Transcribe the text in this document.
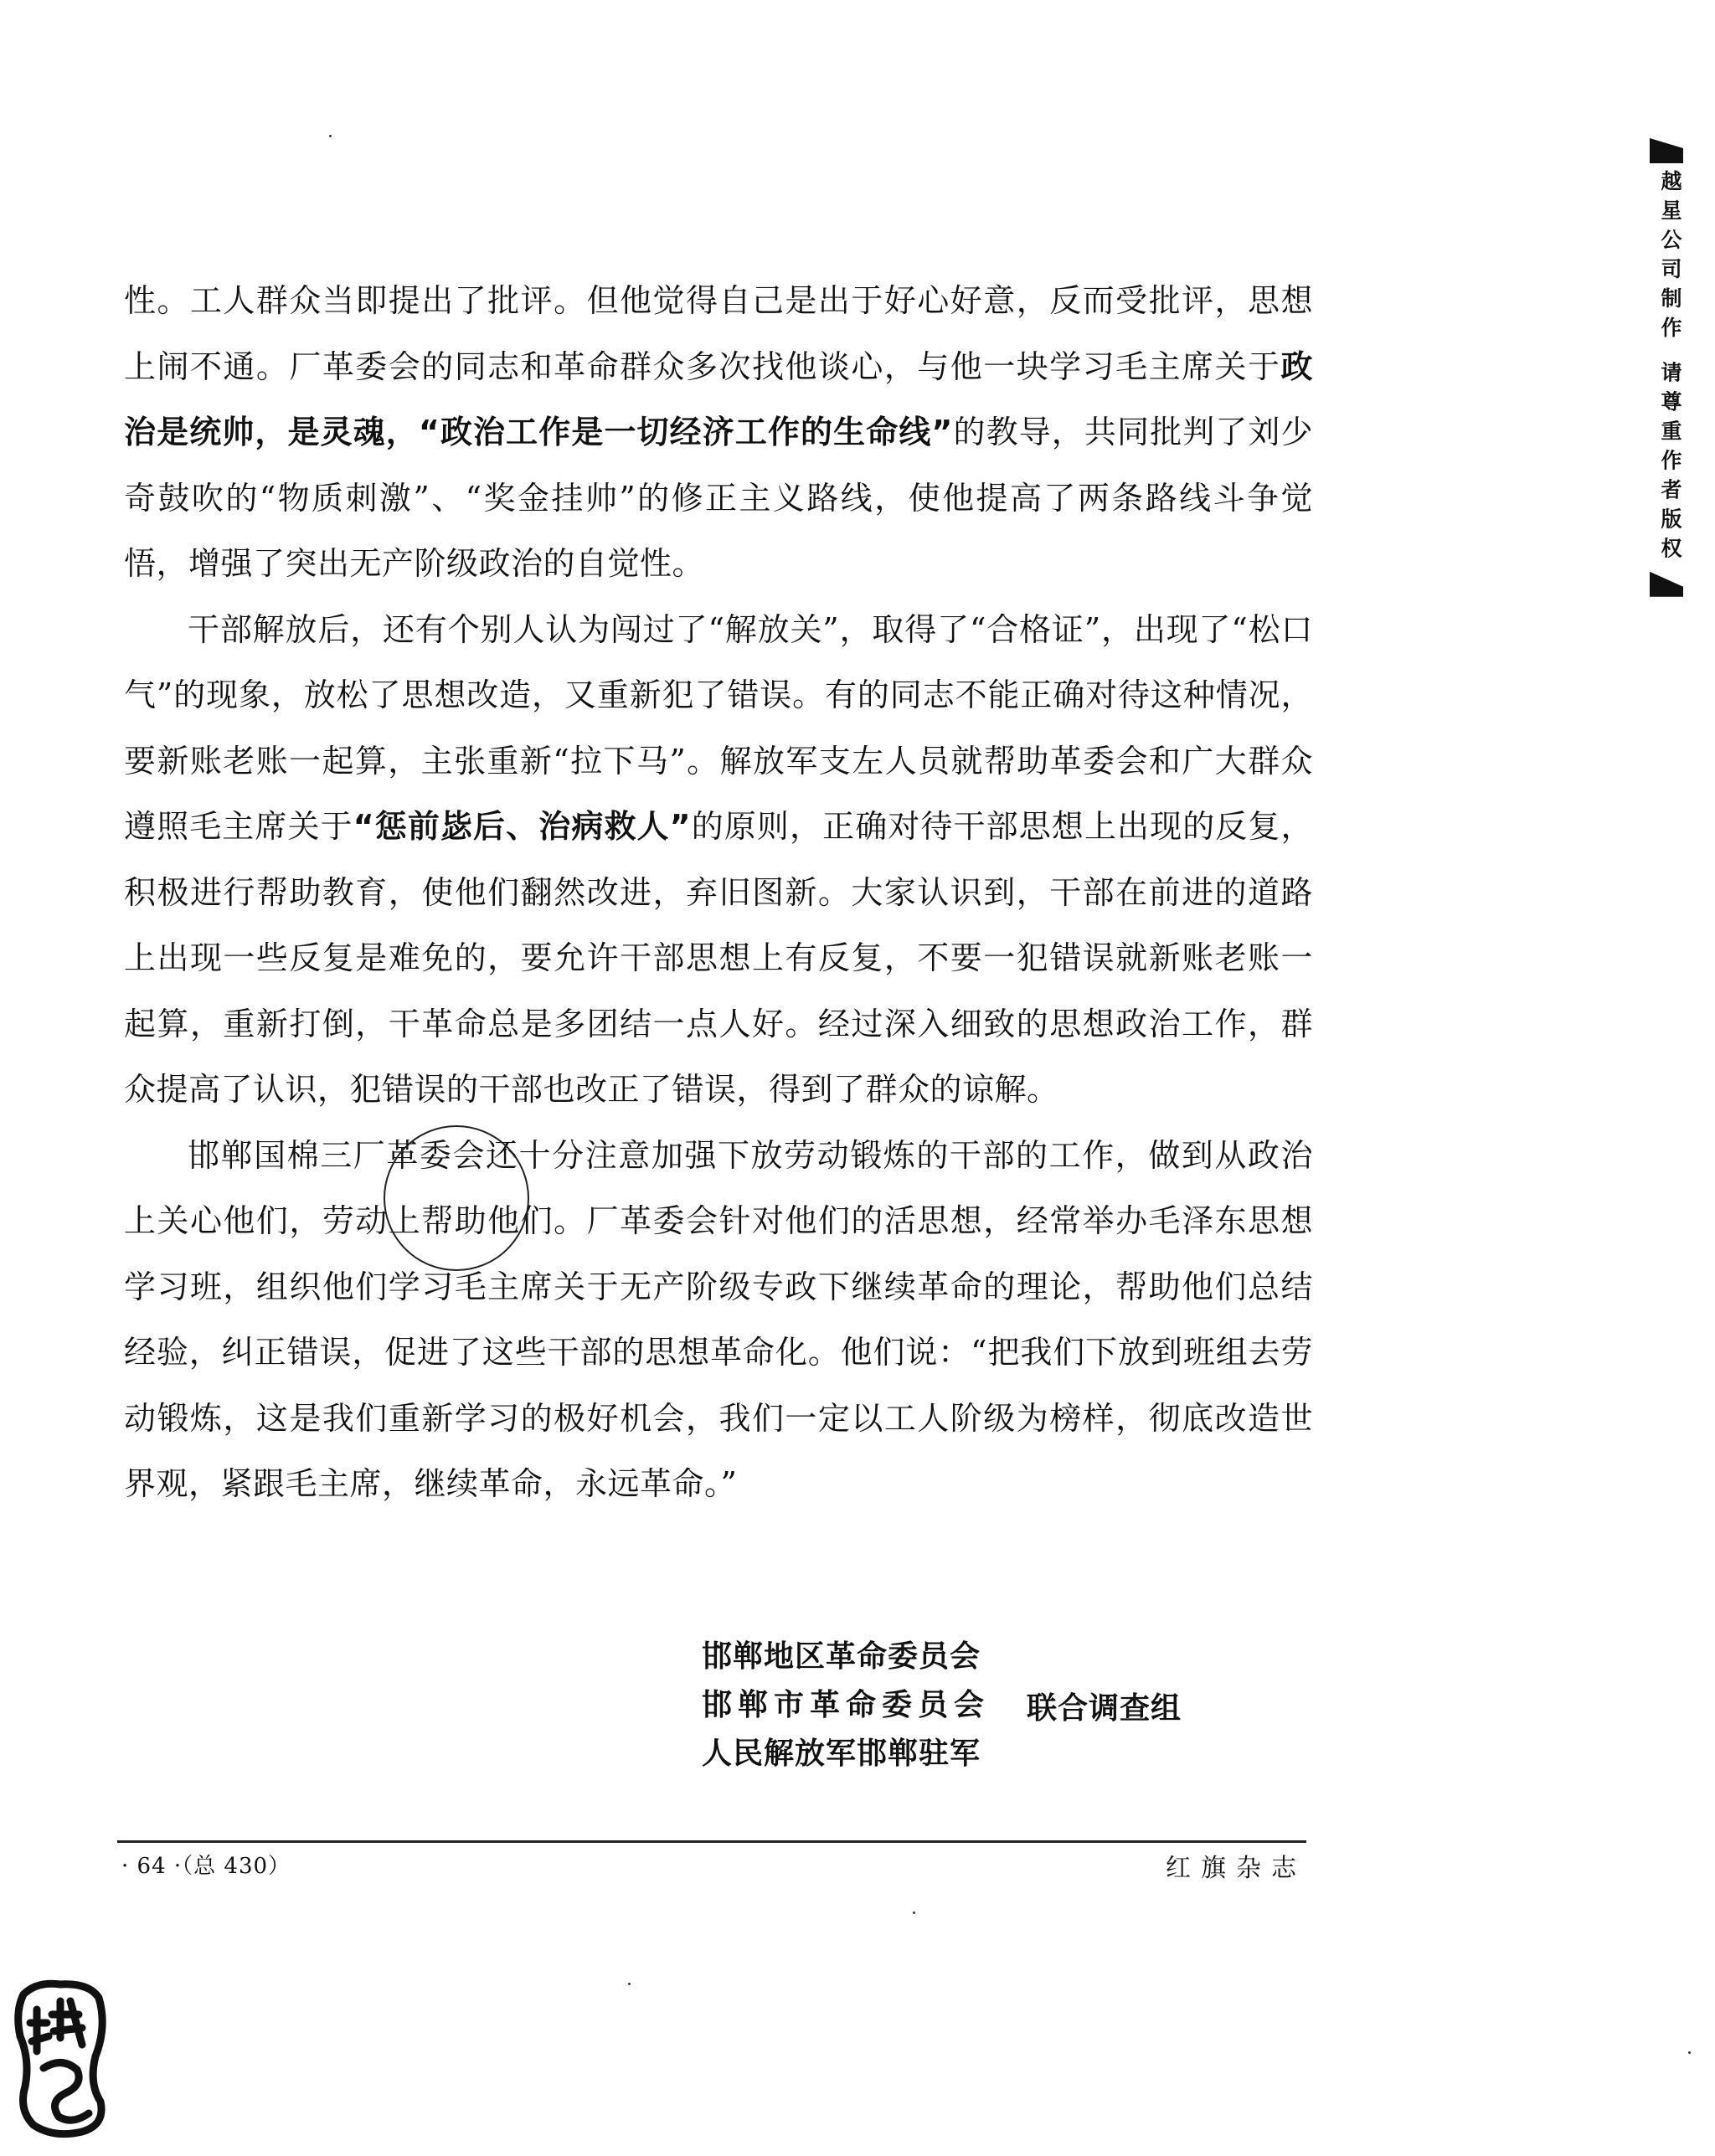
越星公司制作 请尊重作者版权

性。工人群众当即提出了批评。但他觉得自己是出于好心好意，反而受批评，思想上闹不通。厂革委会的同志和革命群众多次找他谈心，与他一块学习毛主席关于政治是统帅，是灵魂，“政治工作是一切经济工作的生命线”的教导，共同批判了刘少奇鼓吹的“物质刺激”、“奖金挂帅”的修正主义路线，使他提高了两条路线斗争觉悟，增强了突出无产阶级政治的自觉性。

干部解放后，还有个别人认为闯过了“解放关”，取得了“合格证”，出现了“松口气”的现象，放松了思想改造，又重新犯了错误。有的同志不能正确对待这种情况，要新账老账一起算，主张重新“拉下马”。解放军支左人员就帮助革委会和广大群众遵照毛主席关于“惩前毖后、治病救人”的原则，正确对待干部思想上出现的反复，积极进行帮助教育，使他们翻然改进，弃旧图新。大家认识到，干部在前进的道路上出现一些反复是难免的，要允许干部思想上有反复，不要一犯错误就新账老账一起算，重新打倒，干革命总是多团结一点人好。经过深入细致的思想政治工作，群众提高了认识，犯错误的干部也改正了错误，得到了群众的谅解。

邯郸国棉三厂革委会还十分注意加强下放劳动锻炼的干部的工作，做到从政治上关心他们，劳动上帮助他们。厂革委会针对他们的活思想，经常举办毛泽东思想学习班，组织他们学习毛主席关于无产阶级专政下继续革命的理论，帮助他们总结经验，纠正错误，促进了这些干部的思想革命化。他们说：“把我们下放到班组去劳动锻炼，这是我们重新学习的极好机会，我们一定以工人阶级为榜样，彻底改造世界观，紧跟毛主席，继续革命，永远革命。”

邯郸地区革命委员会
邯郸市革命委员会
人民解放军邯郸驻军
联合调查组
· 64 ·（总 430）	红旗杂志
